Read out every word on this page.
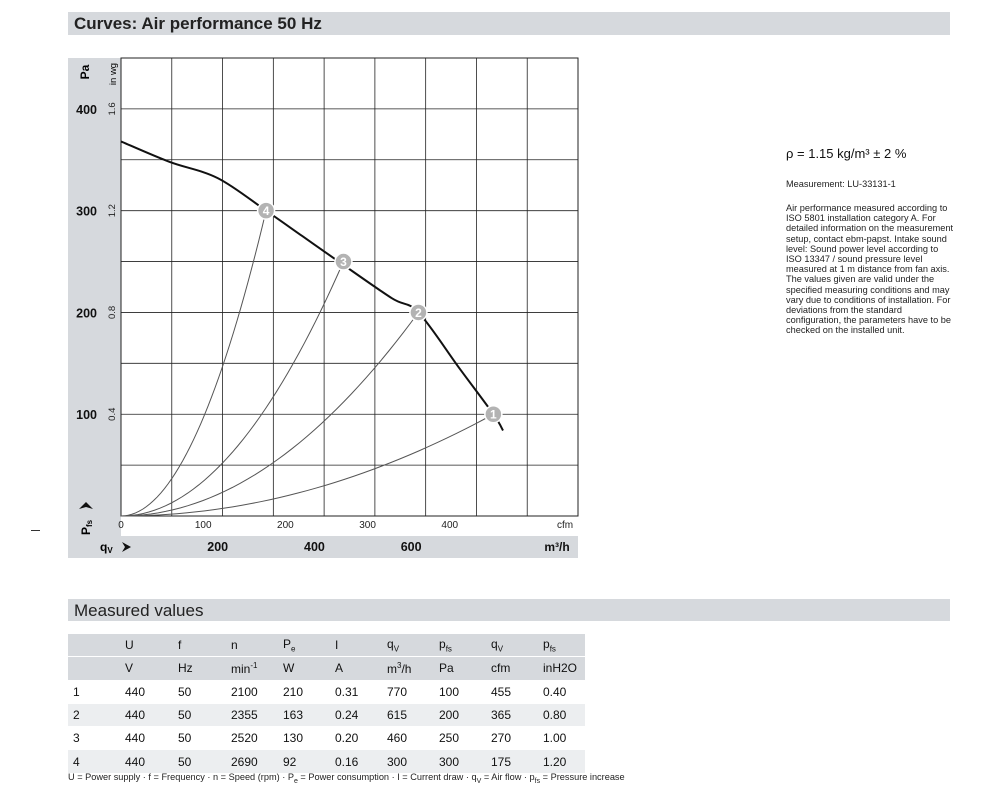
Curves: Air performance 50 Hz
100 0.4
200 0.8
300 1.2
400 1.6
Pa in wg
Pfs 0	100	200	300	400	cfm
200	400	600	m³/h
qV
1
2
3
4
ρ = 1.15 kg/m³ ± 2 %
Measurement: LU-33131-1
Air performance measured according to ISO 5801 installation category A. For detailed information on the measurement setup, contact ebm-papst. Intake sound level: Sound power level according to ISO 13347 / sound pressure level measured at 1 m distance from fan axis. The values given are valid under the specified measuring conditions and may vary due to conditions of installation. For deviations from the standard configuration, the parameters have to be checked on the installed unit.
Measured values
	U	f	n	$P_e$	I	$q_V$	$p_{fs}$	$q_V$	$p_{fs}$
	V	Hz	$\min^{-1}$	W	A	$m^3/h$	Pa	cfm	inH2O
1	440	50	2100	210	0.31	770	100	455	0.40
2	440	50	2355	163	0.24	615	200	365	0.80
3	440	50	2520	130	0.20	460	250	270	1.00
4	440	50	2690	92	0.16	300	300	175	1.20
U = Power supply · f = Frequency · n = Speed $(rpm) \cdot P_e$ = Power consumption · I = Current draw · $q_V$ = Air flow · $p_{fs}$ = Pressure increase
